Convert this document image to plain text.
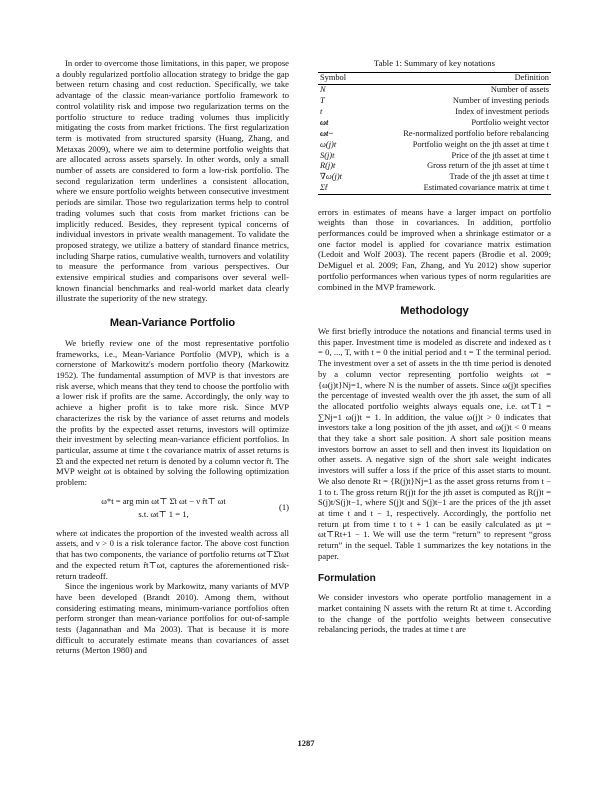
In order to overcome those limitations, in this paper, we propose a doubly regularized portfolio allocation strategy to bridge the gap between return chasing and cost reduction. Specifically, we take advantage of the classic mean-variance portfolio framework to control volatility risk and impose two regularization terms on the portfolio structure to reduce trading volumes thus implicitly mitigating the costs from market frictions. The first regularization term is motivated from structured sparsity (Huang, Zhang, and Metaxas 2009), where we aim to determine portfolio weights that are allocated across assets sparsely. In other words, only a small number of assets are considered to form a low-risk portfolio. The second regularization term underlines a consistent allocation, where we ensure portfolio weights between consecutive investment periods are similar. Those two regularization terms help to control trading volumes such that costs from market frictions can be implicitly reduced. Besides, they represent typical concerns of individual investors in private wealth management. To validate the proposed strategy, we utilize a battery of standard finance metrics, including Sharpe ratios, cumulative wealth, turnovers and volatility to measure the performance from various perspectives. Our extensive empirical studies and comparisons over several well-known financial benchmarks and real-world market data clearly illustrate the superiority of the new strategy.

Mean-Variance Portfolio

We briefly review one of the most representative portfolio frameworks, i.e., Mean-Variance Portfolio (MVP), which is a cornerstone of Markowitz's modern portfolio theory (Markowitz 1952). The fundamental assumption of MVP is that investors are risk averse, which means that they tend to choose the portfolio with a lower risk if profits are the same. Accordingly, the only way to achieve a higher profit is to take more risk. Since MVP characterizes the risk by the variance of asset returns and models the profits by the expected asset returns, investors will optimize their investment by selecting mean-variance efficient portfolios. In particular, assume at time t the covariance matrix of asset returns is Σ̂t and the expected net return is denoted by a column vector r̂t. The MVP weight ωt is obtained by solving the following optimization problem:

ω*t = arg min ωt⊤ Σ̂t ωt − ν r̂t⊤ ωt
s.t. ωt⊤ 1 = 1,
(1)

where ωt indicates the proportion of the invested wealth across all assets, and ν > 0 is a risk tolerance factor. The above cost function that has two components, the variance of portfolio returns ωt⊤Σ̂tωt and the expected return r̂t⊤ωt, captures the aforementioned risk-return tradeoff.

Since the ingenious work by Markowitz, many variants of MVP have been developed (Brandt 2010). Among them, without considering estimating means, minimum-variance portfolios often perform stronger than mean-variance portfolios for out-of-sample tests (Jagannathan and Ma 2003). That is because it is more difficult to accurately estimate means than covariances of asset returns (Merton 1980) and

Table 1: Summary of key notations
Symbol	Definition
N	Number of assets
T	Number of investing periods
t	Index of investment periods
ωt	Portfolio weight vector
ωt−	Re-normalized portfolio before rebalancing
ω(j)t	Portfolio weight on the jth asset at time t
S(j)t	Price of the jth asset at time t
R(j)t	Gross return of the jth asset at time t
∇ω(j)t	Trade of the jth asset at time t
Σ̂t	Estimated covariance matrix at time t

errors in estimates of means have a larger impact on portfolio weights than those in covariances. In addition, portfolio performances could be improved when a shrinkage estimator or a one factor model is applied for covariance matrix estimation (Ledoit and Wolf 2003). The recent papers (Brodie et al. 2009; DeMiguel et al. 2009; Fan, Zhang, and Yu 2012) show superior portfolio performances when various types of norm regularities are combined in the MVP framework.

Methodology

We first briefly introduce the notations and financial terms used in this paper. Investment time is modeled as discrete and indexed as t = 0, ..., T, with t = 0 the initial period and t = T the terminal period. The investment over a set of assets in the tth time period is denoted by a column vector representing portfolio weights ωt = {ω(j)t}Nj=1, where N is the number of assets. Since ω(j)t specifies the percentage of invested wealth over the jth asset, the sum of all the allocated portfolio weights always equals one, i.e. ωt⊤1 = ∑Nj=1 ω(j)t = 1. In addition, the value ω(j)t > 0 indicates that investors take a long position of the jth asset, and ω(j)t < 0 means that they take a short sale position. A short sale position means investors borrow an asset to sell and then invest its liquidation on other assets. A negative sign of the short sale weight indicates investors will suffer a loss if the price of this asset starts to mount. We also denote Rt = {R(j)t}Nj=1 as the asset gross returns from t − 1 to t. The gross return R(j)t for the jth asset is computed as R(j)t = S(j)t/S(j)t−1, where S(j)t and S(j)t−1 are the prices of the jth asset at time t and t − 1, respectively. Accordingly, the portfolio net return μt from time t to t + 1 can be easily calculated as μt = ωt⊤Rt+1 − 1. We will use the term “return” to represent “gross return” in the sequel. Table 1 summarizes the key notations in the paper.

Formulation

We consider investors who operate portfolio management in a market containing N assets with the return Rt at time t. According to the change of the portfolio weights between consecutive rebalancing periods, the trades at time t are

1287
